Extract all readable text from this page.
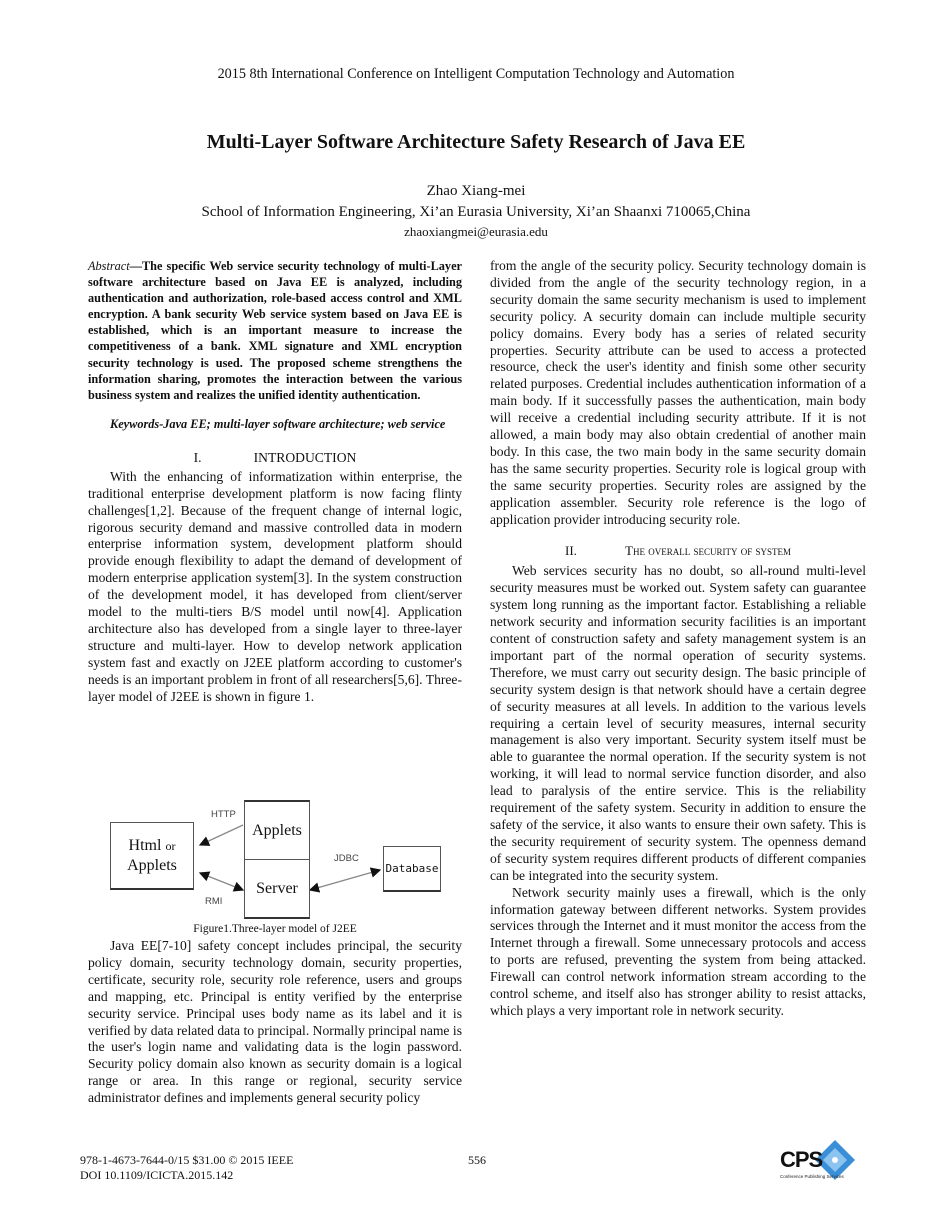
2015 8th International Conference on Intelligent Computation Technology and Automation
Multi-Layer Software Architecture Safety Research of Java EE
Zhao Xiang-mei
School of Information Engineering, Xi’an Eurasia University, Xi’an Shaanxi 710065,China
zhaoxiangmei@eurasia.edu

Abstract—The specific Web service security technology of multi-Layer software architecture based on Java EE is analyzed, including authentication and authorization, role-based access control and XML encryption. A bank security Web service system based on Java EE is established, which is an important measure to increase the competitiveness of a bank. XML signature and XML encryption security technology is used. The proposed scheme strengthens the information sharing, promotes the interaction between the various business system and realizes the unified identity authentication.

Keywords-Java EE; multi-layer software architecture; web service

I.	INTRODUCTION

With the enhancing of informatization within enterprise, the traditional enterprise development platform is now facing flinty challenges[1,2]. Because of the frequent change of internal logic, rigorous security demand and massive controlled data in modern enterprise information system, development platform should provide enough flexibility to adapt the demand of development of modern enterprise application system[3]. In the system construction of the development model, it has developed from client/server model to the multi-tiers B/S model until now[4]. Application architecture also has developed from a single layer to three-layer structure and multi-layer. How to develop network application system fast and exactly on J2EE platform according to customer's needs is an important problem in front of all researchers[5,6]. Three-layer model of J2EE is shown in figure 1.

Html or
Applets
Applets
Server
Database
HTTP
RMI
JDBC
Figure1.Three-layer model of J2EE

Java EE[7-10] safety concept includes principal, the security policy domain, security technology domain, security properties, certificate, security role, security role reference, users and groups and mapping, etc. Principal is entity verified by the enterprise security service. Principal uses body name as its label and it is verified by data related data to principal. Normally principal name is the user's login name and validating data is the login password. Security policy domain also known as security domain is a logical range or area. In this range or regional, security service administrator defines and implements general security policy

from the angle of the security policy. Security technology domain is divided from the angle of the security technology region, in a security domain the same security mechanism is used to implement security policy. A security domain can include multiple security policy domains. Every body has a series of related security properties. Security attribute can be used to access a protected resource, check the user's identity and finish some other security related purposes. Credential includes authentication information of a main body. If it successfully passes the authentication, main body will receive a credential including security attribute. If it is not allowed, a main body may also obtain credential of another main body. In this case, the two main body in the same security domain has the same security properties. Security role is logical group with the same security properties. Security roles are assigned by the application assembler. Security role reference is the logo of application provider introducing security role.

II.	The overall security of system

Web services security has no doubt, so all-round multi-level security measures must be worked out. System safety can guarantee system long running as the important factor. Establishing a reliable network security and information security facilities is an important content of construction safety and safety management system is an important part of the normal operation of security systems. Therefore, we must carry out security design. The basic principle of security system design is that network should have a certain degree of security measures at all levels. In addition to the various levels requiring a certain level of security measures, internal security management is also very important. Security system itself must be able to guarantee the normal operation. If the security system is not working, it will lead to normal service function disorder, and also lead to paralysis of the entire service. This is the reliability requirement of the safety system. Security in addition to ensure the safety of the service, it also wants to ensure their own safety. This is the security requirement of security system. The openness demand of security system requires different products of different companies can be integrated into the security system.

Network security mainly uses a firewall, which is the only information gateway between different networks. System provides services through the Internet and it must monitor the access from the Internet through a firewall. Some unnecessary protocols and access to ports are refused, preventing the system from being attacked. Firewall can control network information stream according to the control scheme, and itself also has stronger ability to resist attacks, which plays a very important role in network security.

978-1-4673-7644-0/15 $31.00 © 2015 IEEE
DOI 10.1109/ICICTA.2015.142
556	CPS
Conference Publishing Services
